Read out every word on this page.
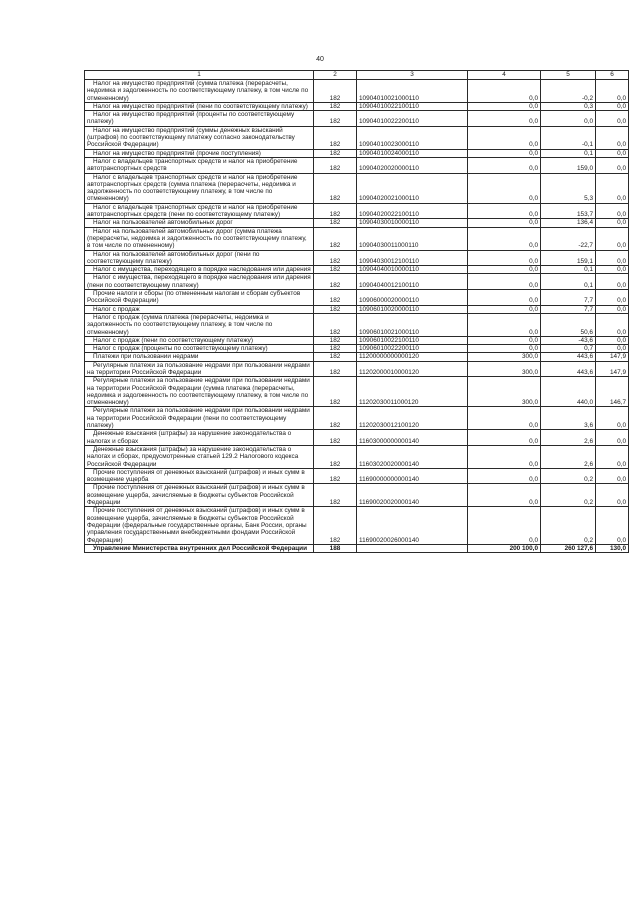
40
1	2	3	4	5	6

Налог на имущество предприятий (сумма платежа (перерасчеты, недоимка и задолженность по соответствующему платежу, в том числе по отмененному)	182	10904010021000110	0,0	-0,2	0,0

Налог на имущество предприятий (пени по соответствующему платежу)	182	10904010022100110	0,0	0,3	0,0

Налог на имущество предприятий (проценты по соответствующему платежу)	182	10904010022200110	0,0	0,0	0,0

Налог на имущество предприятий (суммы денежных взысканий (штрафов) по соответствующему платежу согласно законодательству Российской Федерации)	182	10904010023000110	0,0	-0,1	0,0

Налог на имущество предприятий (прочие поступления)	182	10904010024000110	0,0	0,1	0,0

Налог с владельцев транспортных средств и налог на приобретение автотранспортных средств	182	10904020020000110	0,0	159,0	0,0

Налог с владельцев транспортных средств и налог на приобретение автотранспортных средств (сумма платежа (перерасчеты, недоимка и задолженность по соответствующему платежу, в том числе по отмененному)	182	10904020021000110	0,0	5,3	0,0

Налог с владельцев транспортных средств и налог на приобретение автотранспортных средств (пени по соответствующему платежу)	182	10904020022100110	0,0	153,7	0,0

Налог на пользователей автомобильных дорог	182	10904030010000110	0,0	136,4	0,0

Налог на пользователей автомобильных дорог (сумма платежа (перерасчеты, недоимка и задолженность по соответствующему платежу, в том числе по отмененному)	182	10904030011000110	0,0	-22,7	0,0

Налог на пользователей автомобильных дорог (пени по соответствующему платежу)	182	10904030012100110	0,0	159,1	0,0

Налог с имущества, переходящего в порядке наследования или дарения	182	10904040010000110	0,0	0,1	0,0

Налог с имущества, переходящего в порядке наследования или дарения (пени по соответствующему платежу)	182	10904040012100110	0,0	0,1	0,0

Прочие налоги и сборы (по отмененным налогам и сборам субъектов Российской Федерации)	182	10906000020000110	0,0	7,7	0,0

Налог с продаж	182	10906010020000110	0,0	7,7	0,0

Налог с продаж (сумма платежа (перерасчеты, недоимка и задолженность по соответствующему платежу, в том числе по отмененному)	182	10906010021000110	0,0	50,6	0,0

Налог с продаж (пени по соответствующему платежу)	182	10906010022100110	0,0	-43,6	0,0

Налог с продаж (проценты по соответствующему платежу)	182	10906010022200110	0,0	0,7	0,0

Платежи при пользовании недрами	182	11200000000000120	300,0	443,6	147,9

Регулярные платежи за пользование недрами при пользовании недрами на территории Российской Федерации	182	11202000010000120	300,0	443,6	147,9

Регулярные платежи за пользование недрами при пользовании недрами на территории Российской Федерации (сумма платежа (перерасчеты, недоимка и задолженность по соответствующему платежу, в том числе по отмененному)	182	11202030011000120	300,0	440,0	146,7

Регулярные платежи за пользование недрами при пользовании недрами на территории Российской Федерации (пени по соответствующему платежу)	182	11202030012100120	0,0	3,6	0,0

Денежные взыскания (штрафы) за нарушение законодательства о налогах и сборах	182	11603000000000140	0,0	2,6	0,0

Денежные взыскания (штрафы) за нарушение законодательства о налогах и сборах, предусмотренные статьей 129.2 Налогового кодекса Российской Федерации	182	11603020020000140	0,0	2,6	0,0

Прочие поступления от денежных взысканий (штрафов) и иных сумм в возмещение ущерба	182	11690000000000140	0,0	0,2	0,0

Прочие поступления от денежных взысканий (штрафов) и иных сумм в возмещение ущерба, зачисляемые в бюджеты субъектов Российской Федерации	182	11690020020000140	0,0	0,2	0,0

Прочие поступления от денежных взысканий (штрафов) и иных сумм в возмещение ущерба, зачисляемые в бюджеты субъектов Российской Федерации (федеральные государственные органы, Банк России, органы управления государственными внебюджетными фондами Российской Федерации)	182	11690020026000140	0,0	0,2	0,0

Управление Министерства внутренних дел Российской Федерации	188		200 100,0	260 127,6	130,0
